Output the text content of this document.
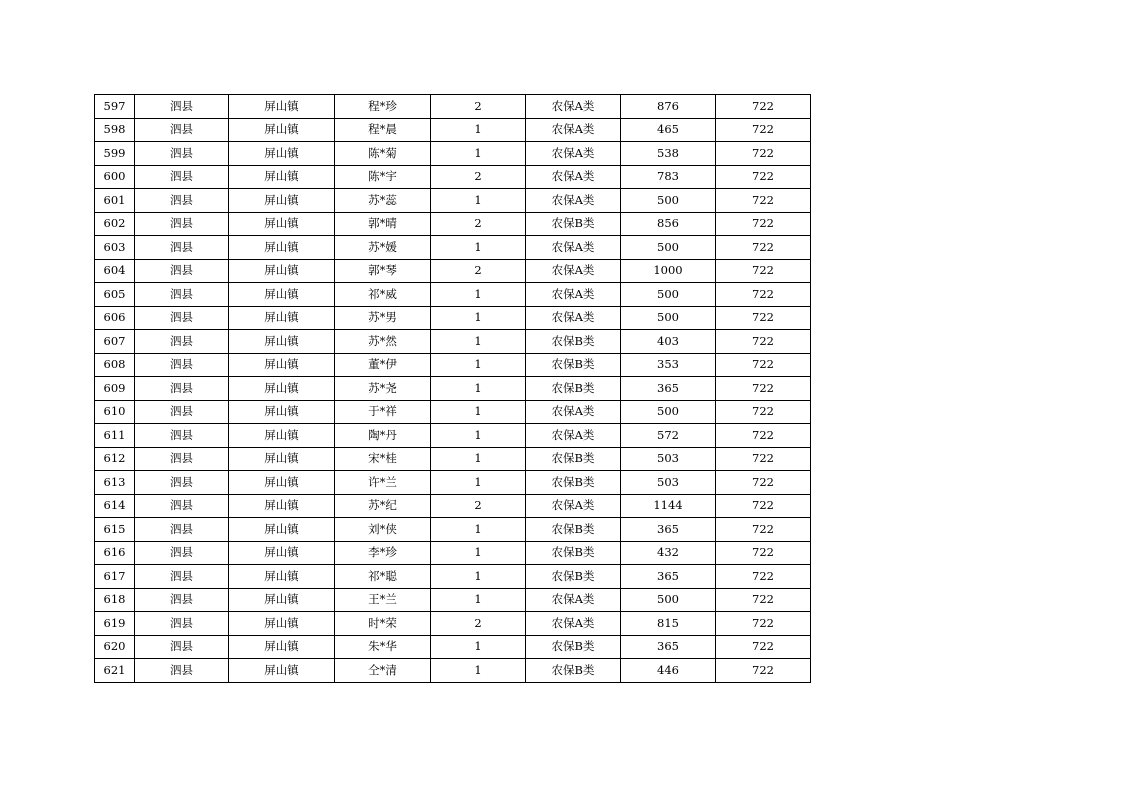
597	泗县	屏山镇	程*珍	2	农保A类	876	722
598	泗县	屏山镇	程*晨	1	农保A类	465	722
599	泗县	屏山镇	陈*菊	1	农保A类	538	722
600	泗县	屏山镇	陈*宇	2	农保A类	783	722
601	泗县	屏山镇	苏*蕊	1	农保A类	500	722
602	泗县	屏山镇	郭*晴	2	农保B类	856	722
603	泗县	屏山镇	苏*媛	1	农保A类	500	722
604	泗县	屏山镇	郭*琴	2	农保A类	1000	722
605	泗县	屏山镇	祁*威	1	农保A类	500	722
606	泗县	屏山镇	苏*男	1	农保A类	500	722
607	泗县	屏山镇	苏*然	1	农保B类	403	722
608	泗县	屏山镇	董*伊	1	农保B类	353	722
609	泗县	屏山镇	苏*尧	1	农保B类	365	722
610	泗县	屏山镇	于*祥	1	农保A类	500	722
611	泗县	屏山镇	陶*丹	1	农保A类	572	722
612	泗县	屏山镇	宋*桂	1	农保B类	503	722
613	泗县	屏山镇	许*兰	1	农保B类	503	722
614	泗县	屏山镇	苏*纪	2	农保A类	1144	722
615	泗县	屏山镇	刘*侠	1	农保B类	365	722
616	泗县	屏山镇	李*珍	1	农保B类	432	722
617	泗县	屏山镇	祁*聪	1	农保B类	365	722
618	泗县	屏山镇	王*兰	1	农保A类	500	722
619	泗县	屏山镇	时*荣	2	农保A类	815	722
620	泗县	屏山镇	朱*华	1	农保B类	365	722
621	泗县	屏山镇	仝*清	1	农保B类	446	722
